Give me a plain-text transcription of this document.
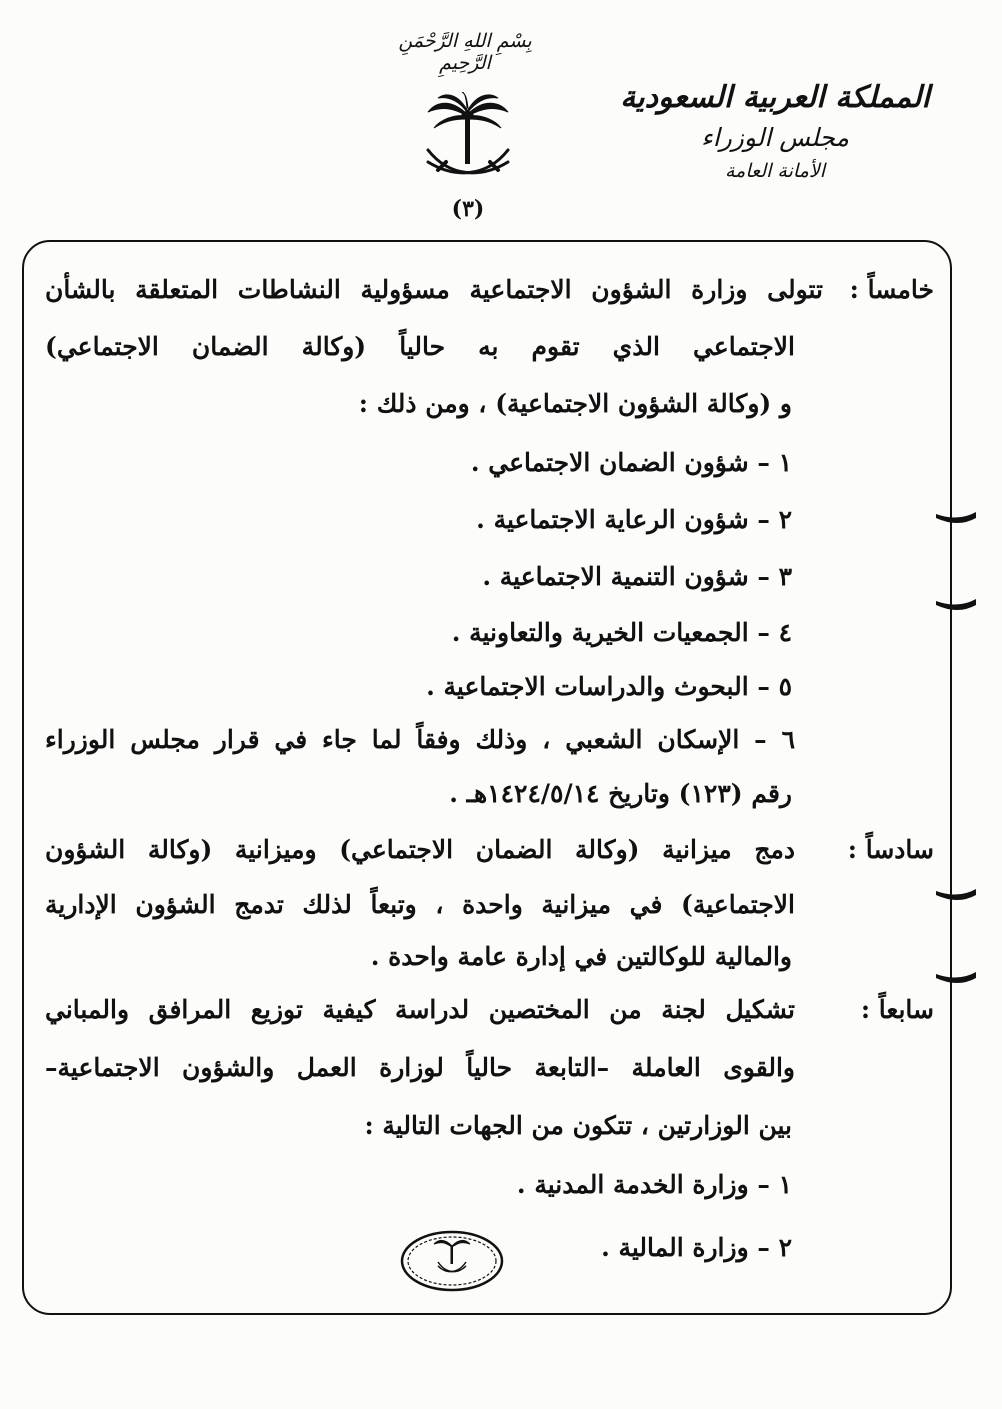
بِسْمِ اللهِ الرَّحْمَنِ الرَّحِيمِ
(٣)
المملكة العربية السعودية
مجلس الوزراء
الأمانة العامة
خامساً :
تتولى وزارة الشؤون الاجتماعية مسؤولية النشاطات المتعلقة بالشأن
الاجتماعي الذي تقوم به حالياً (وكالة الضمان الاجتماعي)
و (وكالة الشؤون الاجتماعية) ، ومن ذلك :
١ – شؤون الضمان الاجتماعي .
٢ – شؤون الرعاية الاجتماعية .
٣ – شؤون التنمية الاجتماعية .
٤ – الجمعيات الخيرية والتعاونية .
٥ – البحوث والدراسات الاجتماعية .
٦ – الإسكان الشعبي ، وذلك وفقاً لما جاء في قرار مجلس الوزراء
رقم (١٢٣) وتاريخ ١٤٢٤/٥/١٤هـ .
سادساً :
دمج ميزانية (وكالة الضمان الاجتماعي) وميزانية (وكالة الشؤون
الاجتماعية) في ميزانية واحدة ، وتبعاً لذلك تدمج الشؤون الإدارية
والمالية للوكالتين في إدارة عامة واحدة .
سابعاً :
تشكيل لجنة من المختصين لدراسة كيفية توزيع المرافق والمباني
والقوى العاملة –التابعة حالياً لوزارة العمل والشؤون الاجتماعية–
بين الوزارتين ، تتكون من الجهات التالية :
١ – وزارة الخدمة المدنية .
٢ – وزارة المالية .
